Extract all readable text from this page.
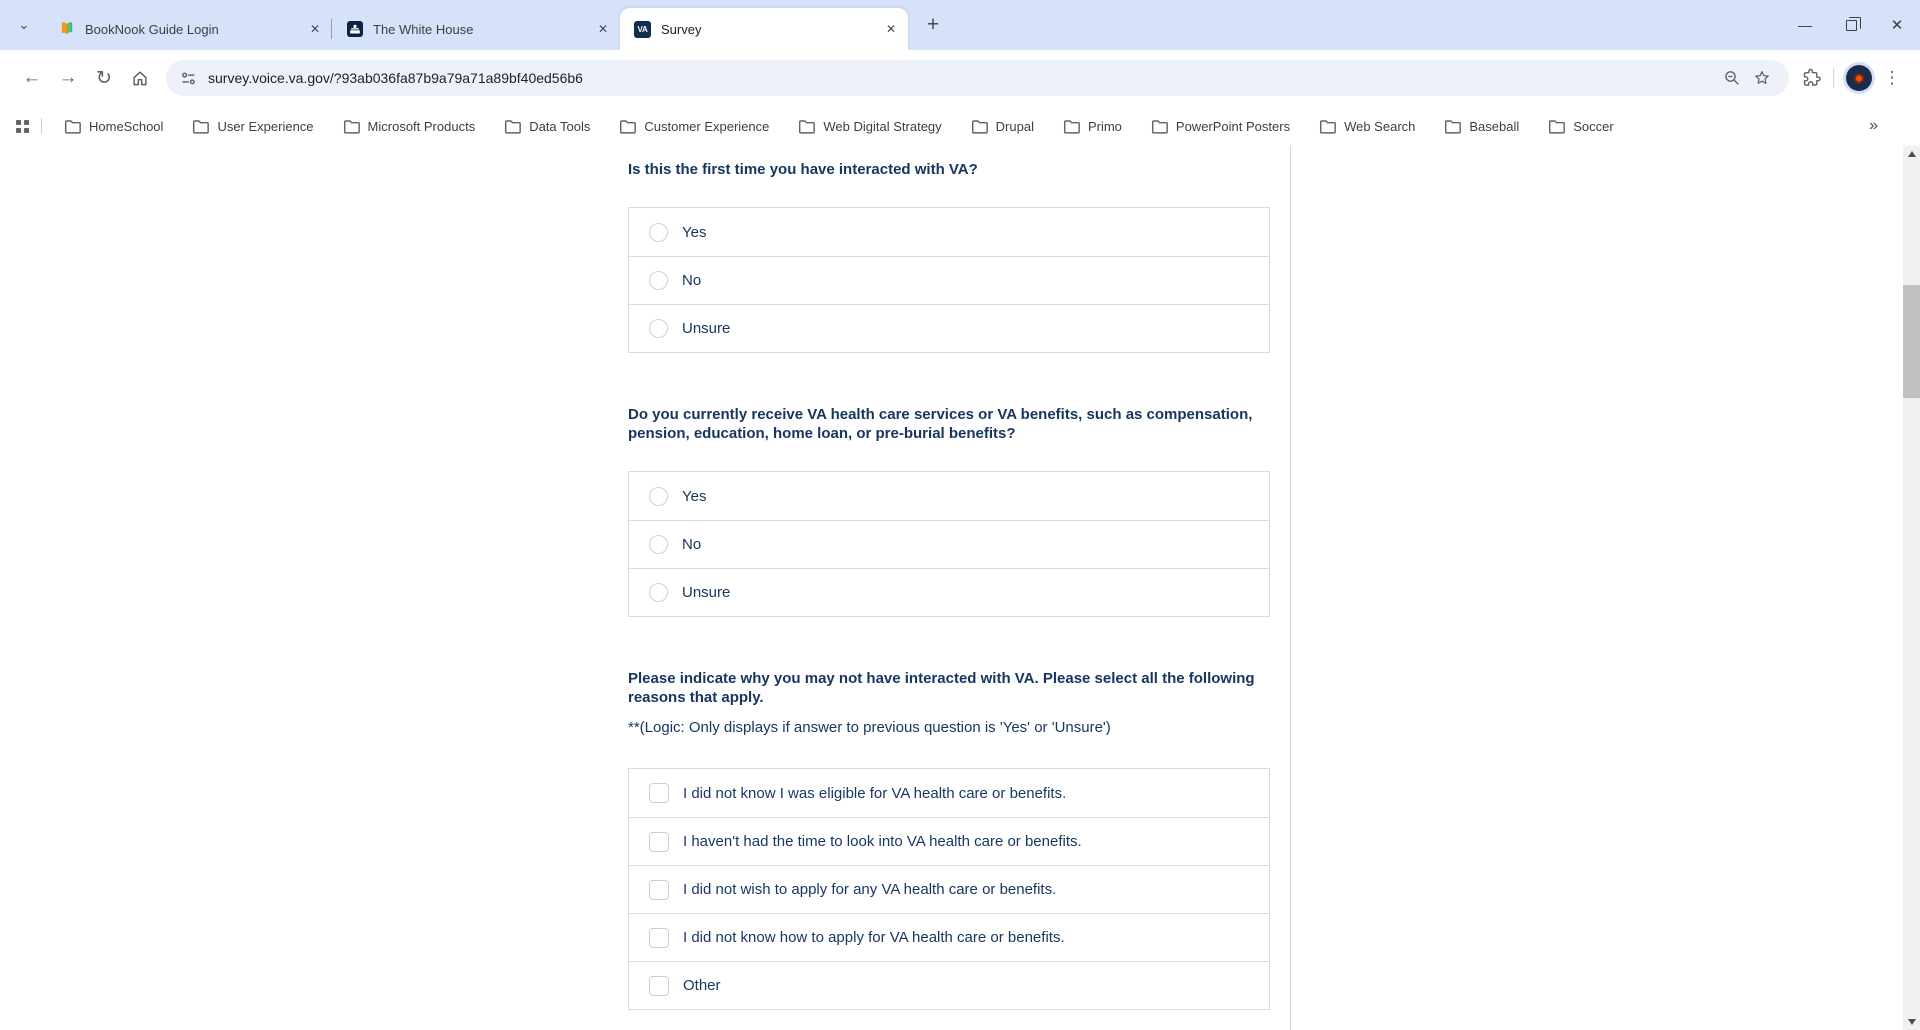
⌄	BookNook Guide Login	✕	The White House	✕	VA Survey	✕ +	—	✕
← → ↻	survey.voice.va.gov/?93ab036fa87b9a79a71a89bf40ed56b6	⋮
HomeSchool	User Experience	Microsoft Products	Data Tools	Customer Experience	Web Digital Strategy	Drupal	Primo	PowerPoint Posters	Web Search	Baseball	Soccer	»
Is this the first time you have interacted with VA?
Yes
No
Unsure
Do you currently receive VA health care services or VA benefits, such as compensation, pension, education, home loan, or pre-burial benefits?
Yes
No
Unsure
Please indicate why you may not have interacted with VA. Please select all the following reasons that apply.
**(Logic: Only displays if answer to previous question is 'Yes' or 'Unsure')
I did not know I was eligible for VA health care or benefits.
I haven't had the time to look into VA health care or benefits.
I did not wish to apply for any VA health care or benefits.
I did not know how to apply for VA health care or benefits.
Other
